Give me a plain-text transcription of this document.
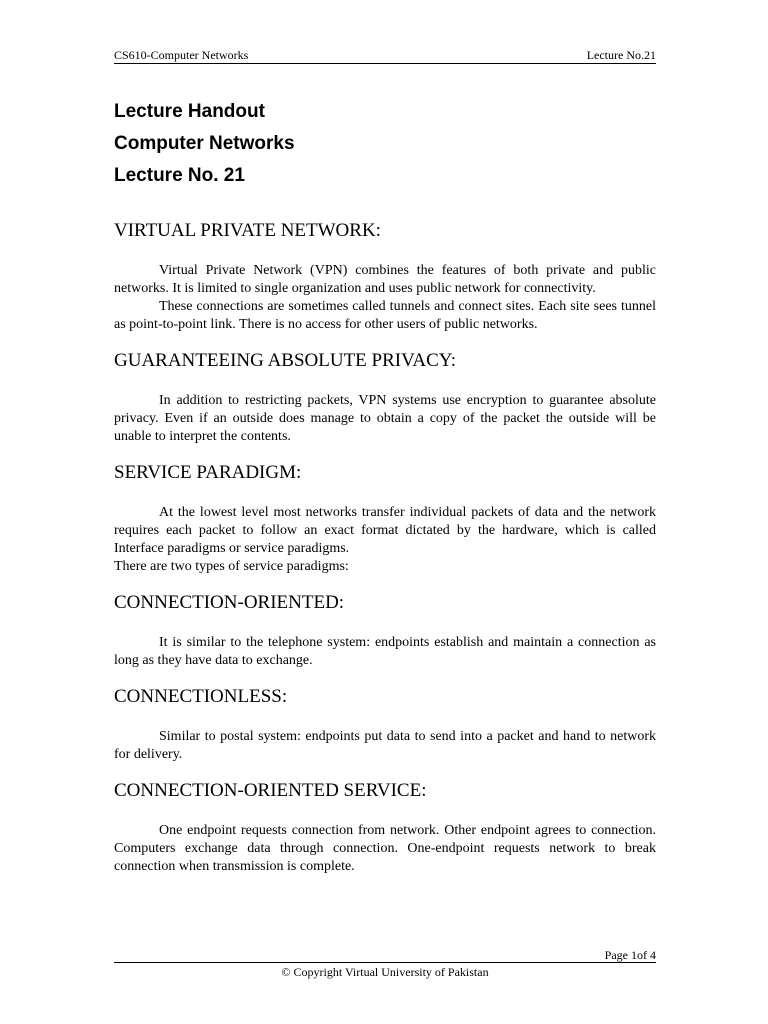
CS610-Computer Networks	Lecture No.21
Lecture Handout
Computer Networks
Lecture No. 21
VIRTUAL PRIVATE NETWORK:

Virtual Private Network (VPN) combines the features of both private and public networks. It is limited to single organization and uses public network for connectivity.

These connections are sometimes called tunnels and connect sites. Each site sees tunnel as point-to-point link. There is no access for other users of public networks.

GUARANTEEING ABSOLUTE PRIVACY:

In addition to restricting packets, VPN systems use encryption to guarantee absolute privacy. Even if an outside does manage to obtain a copy of the packet the outside will be unable to interpret the contents.

SERVICE PARADIGM:

At the lowest level most networks transfer individual packets of data and the network requires each packet to follow an exact format dictated by the hardware, which is called Interface paradigms or service paradigms.

There are two types of service paradigms:

CONNECTION-ORIENTED:

It is similar to the telephone system: endpoints establish and maintain a connection as long as they have data to exchange.

CONNECTIONLESS:

Similar to postal system: endpoints put data to send into a packet and hand to network for delivery.

CONNECTION-ORIENTED SERVICE:

One endpoint requests connection from network. Other endpoint agrees to connection. Computers exchange data through connection. One-endpoint requests network to break connection when transmission is complete.

Page 1of 4
© Copyright Virtual University of Pakistan
